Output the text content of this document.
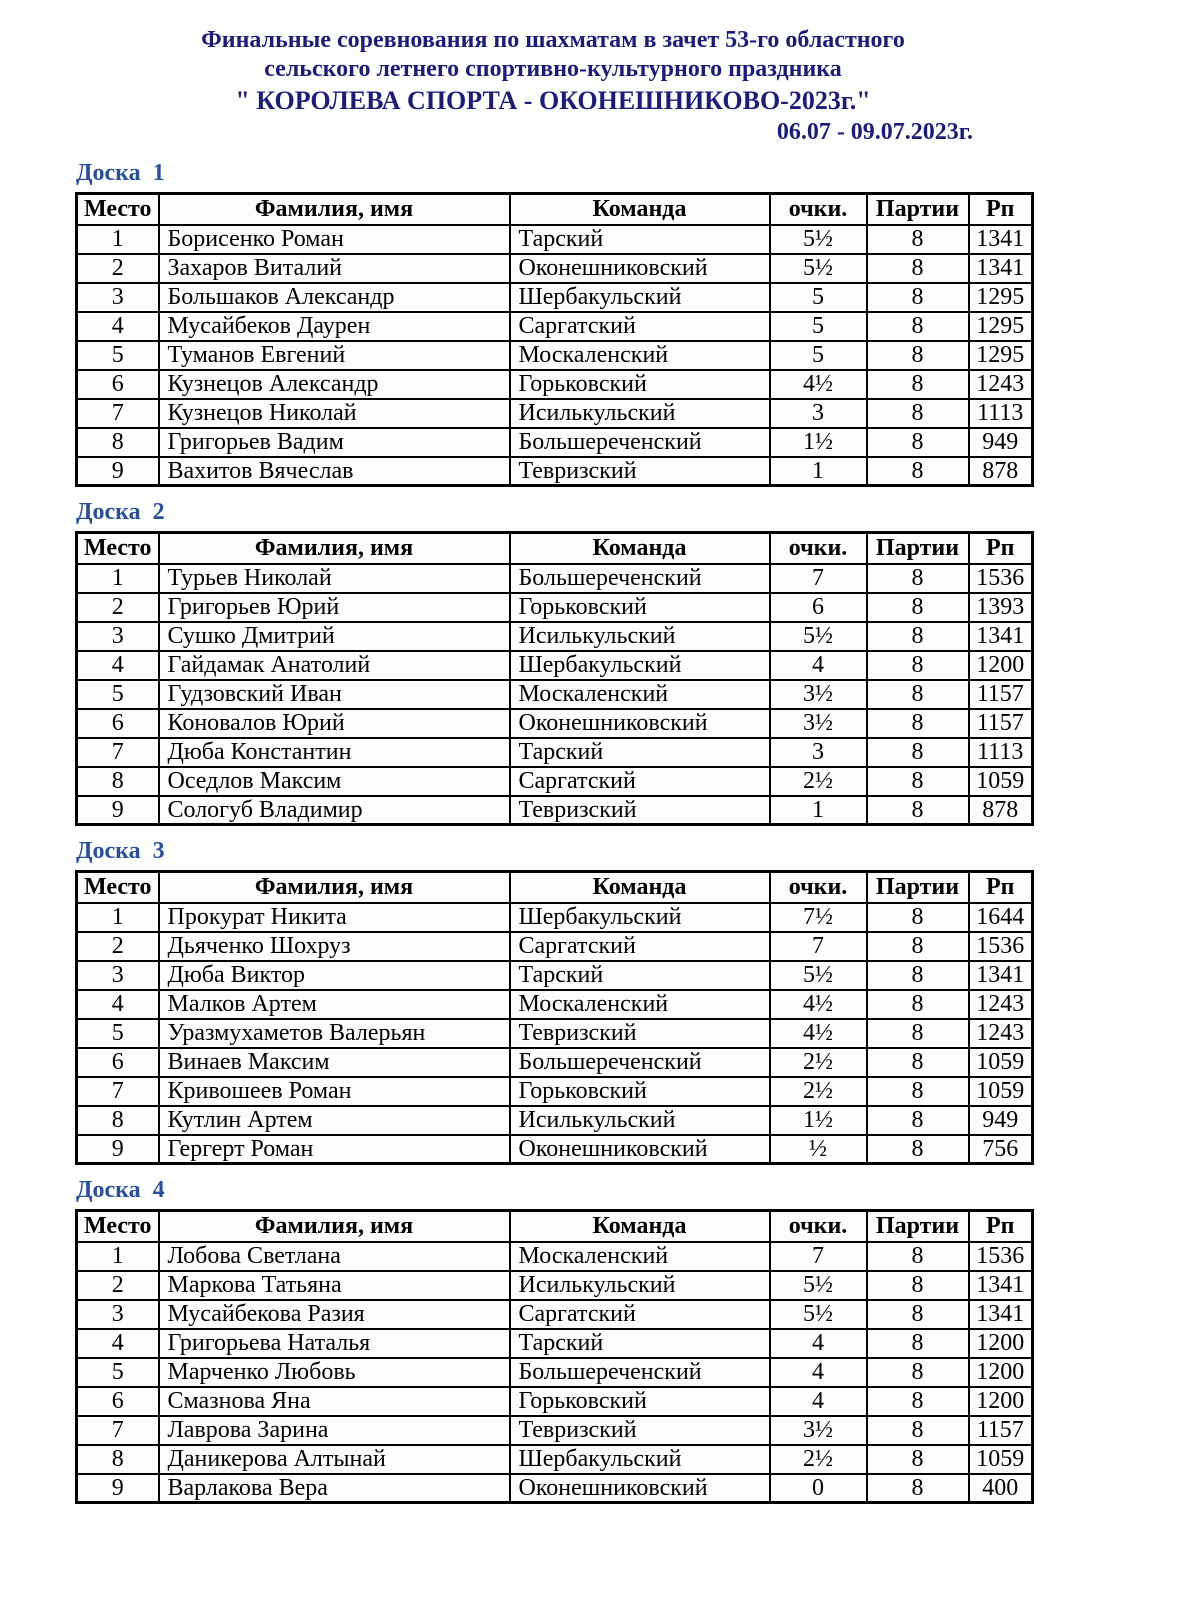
Финальные соревнования по шахматам в зачет 53-го областного
сельского летнего спортивно-культурного праздника
" КОРОЛЕВА СПОРТА - ОКОНЕШНИКОВО-2023г."
06.07 - 09.07.2023г.
Доска  1
Место	Фамилия, имя	Команда	очки.	Партии	Рп
1	Борисенко Роман	Тарский	5½	8	1341
2	Захаров Виталий	Оконешниковский	5½	8	1341
3	Большаков Александр	Шербакульский	5	8	1295
4	Мусайбеков Даурен	Саргатский	5	8	1295
5	Туманов Евгений	Москаленский	5	8	1295
6	Кузнецов Александр	Горьковский	4½	8	1243
7	Кузнецов Николай	Исилькульский	3	8	1113
8	Григорьев Вадим	Большереченский	1½	8	949
9	Вахитов Вячеслав	Тевризский	1	8	878
Доска  2
Место	Фамилия, имя	Команда	очки.	Партии	Рп
1	Турьев Николай	Большереченский	7	8	1536
2	Григорьев Юрий	Горьковский	6	8	1393
3	Сушко Дмитрий	Исилькульский	5½	8	1341
4	Гайдамак Анатолий	Шербакульский	4	8	1200
5	Гудзовский Иван	Москаленский	3½	8	1157
6	Коновалов Юрий	Оконешниковский	3½	8	1157
7	Дюба Константин	Тарский	3	8	1113
8	Оседлов Максим	Саргатский	2½	8	1059
9	Сологуб Владимир	Тевризский	1	8	878
Доска  3
Место	Фамилия, имя	Команда	очки.	Партии	Рп
1	Прокурат Никита	Шербакульский	7½	8	1644
2	Дьяченко Шохруз	Саргатский	7	8	1536
3	Дюба Виктор	Тарский	5½	8	1341
4	Малков Артем	Москаленский	4½	8	1243
5	Уразмухаметов Валерьян	Тевризский	4½	8	1243
6	Винаев Максим	Большереченский	2½	8	1059
7	Кривошеев Роман	Горьковский	2½	8	1059
8	Кутлин Артем	Исилькульский	1½	8	949
9	Гергерт Роман	Оконешниковский	½	8	756
Доска  4
Место	Фамилия, имя	Команда	очки.	Партии	Рп
1	Лобова Светлана	Москаленский	7	8	1536
2	Маркова Татьяна	Исилькульский	5½	8	1341
3	Мусайбекова Разия	Саргатский	5½	8	1341
4	Григорьева Наталья	Тарский	4	8	1200
5	Марченко Любовь	Большереченский	4	8	1200
6	Смазнова Яна	Горьковский	4	8	1200
7	Лаврова Зарина	Тевризский	3½	8	1157
8	Даникерова Алтынай	Шербакульский	2½	8	1059
9	Варлакова Вера	Оконешниковский	0	8	400
